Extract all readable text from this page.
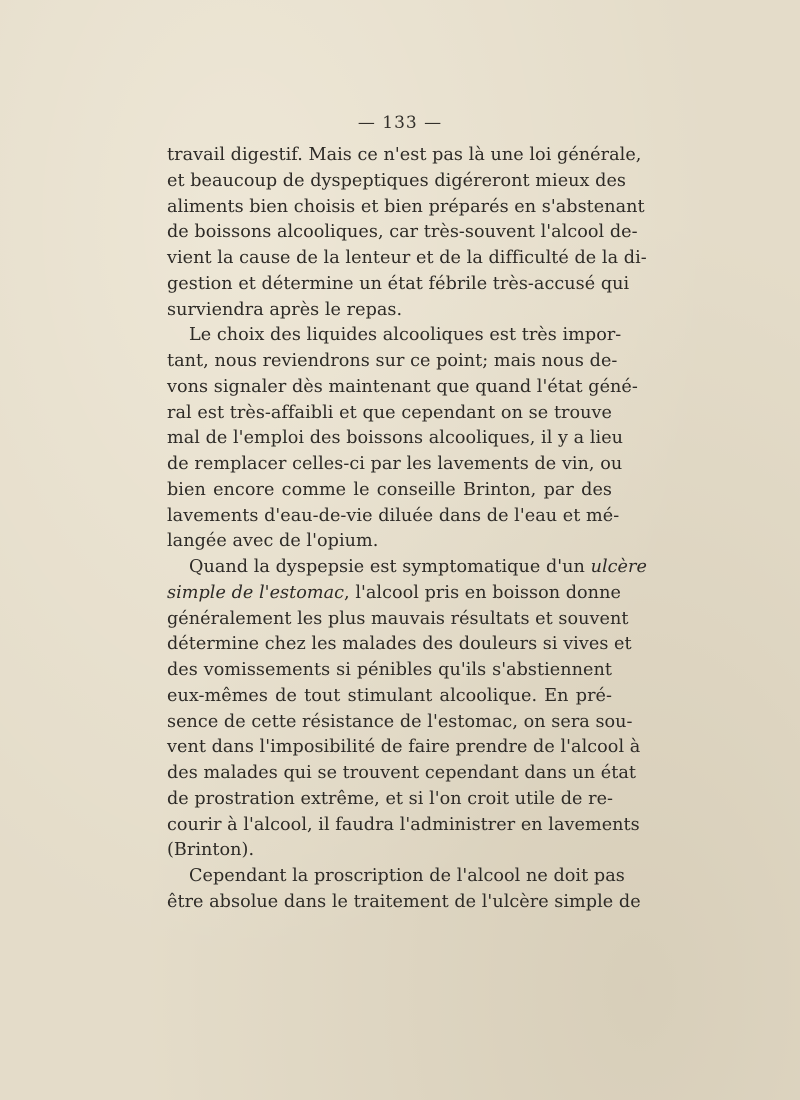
— 133 —
travail digestif. Mais ce n'est pas là une loi générale,
et beaucoup de dyspeptiques digéreront mieux des
aliments bien choisis et bien préparés en s'abstenant
de boissons alcooliques, car très-souvent l'alcool de-
vient la cause de la lenteur et de la difficulté de la di-
gestion et détermine un état fébrile très-accusé qui
surviendra après le repas.
Le choix des liquides alcooliques est très impor-
tant, nous reviendrons sur ce point; mais nous de-
vons signaler dès maintenant que quand l'état géné-
ral est très-affaibli et que cependant on se trouve
mal de l'emploi des boissons alcooliques, il y a lieu
de remplacer celles-ci par les lavements de vin, ou
bien encore comme le conseille Brinton, par des
lavements d'eau-de-vie diluée dans de l'eau et mé-
langée avec de l'opium.
Quand la dyspepsie est symptomatique d'un ulcère
simple de l'estomac, l'alcool pris en boisson donne
généralement les plus mauvais résultats et souvent
détermine chez les malades des douleurs si vives et
des vomissements si pénibles qu'ils s'abstiennent
eux-mêmes de tout stimulant alcoolique. En pré-
sence de cette résistance de l'estomac, on sera sou-
vent dans l'imposibilité de faire prendre de l'alcool à
des malades qui se trouvent cependant dans un état
de prostration extrême, et si l'on croit utile de re-
courir à l'alcool, il faudra l'administrer en lavements
(Brinton).
Cependant la proscription de l'alcool ne doit pas
être absolue dans le traitement de l'ulcère simple de
